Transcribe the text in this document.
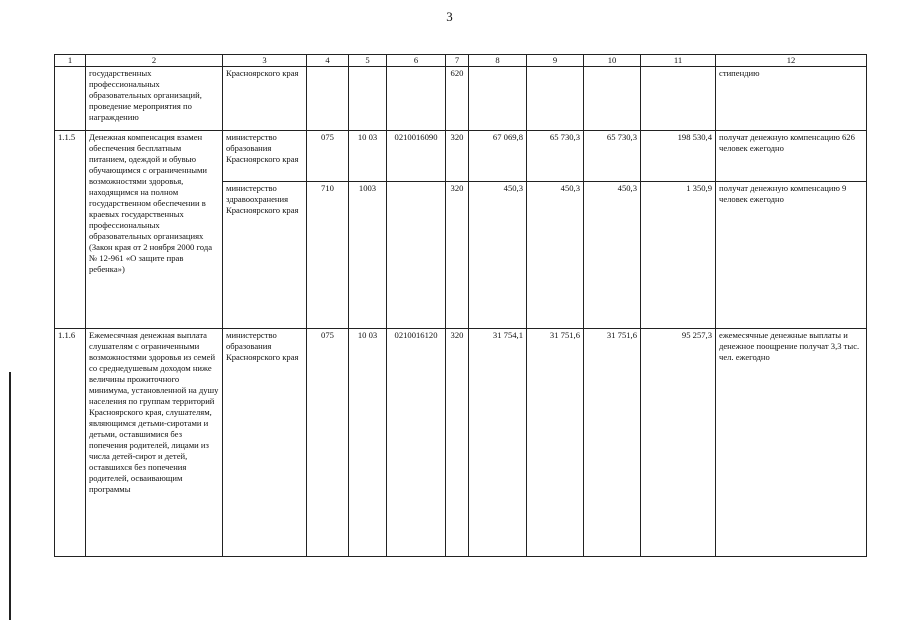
3
1	2	3	4	5	6	7	8	9	10	11	12
	государственных профессиональных образовательных организаций, проведение мероприятия по награждению	Красноярского края				620					стипендию
1.1.5	Денежная компенсация взамен обеспечения бесплатным питанием, одеждой и обувью обучающимся с ограниченными возможностями здоровья, находящимся на полном государственном обеспечении в краевых государственных профессиональных образовательных организациях (Закон края от 2 ноября 2000 года № 12-961 «О защите прав ребенка»)	министерство образования Красноярского края	075	10 03	0210016090	320	67 069,8	65 730,3	65 730,3	198 530,4	получат денежную компенсацию 626 человек ежегодно
		министерство здравоохранения Красноярского края	710	1003		320	450,3	450,3	450,3	1 350,9	получат денежную компенсацию 9 человек ежегодно
1.1.6	Ежемесячная денежная выплата слушателям с ограниченными возможностями здоровья из семей со среднедушевым доходом ниже величины прожиточного минимума, установленной на душу населения по группам территорий Красноярского края, слушателям, являющимся детьми-сиротами и детьми, оставшимися без попечения родителей, лицами из числа детей-сирот и детей, оставшихся без попечения родителей, осваивающим программы	министерство образования Красноярского края	075	10 03	0210016120	320	31 754,1	31 751,6	31 751,6	95 257,3	ежемесячные денежные выплаты и денежное поощрение получат 3,3 тыс. чел. ежегодно
